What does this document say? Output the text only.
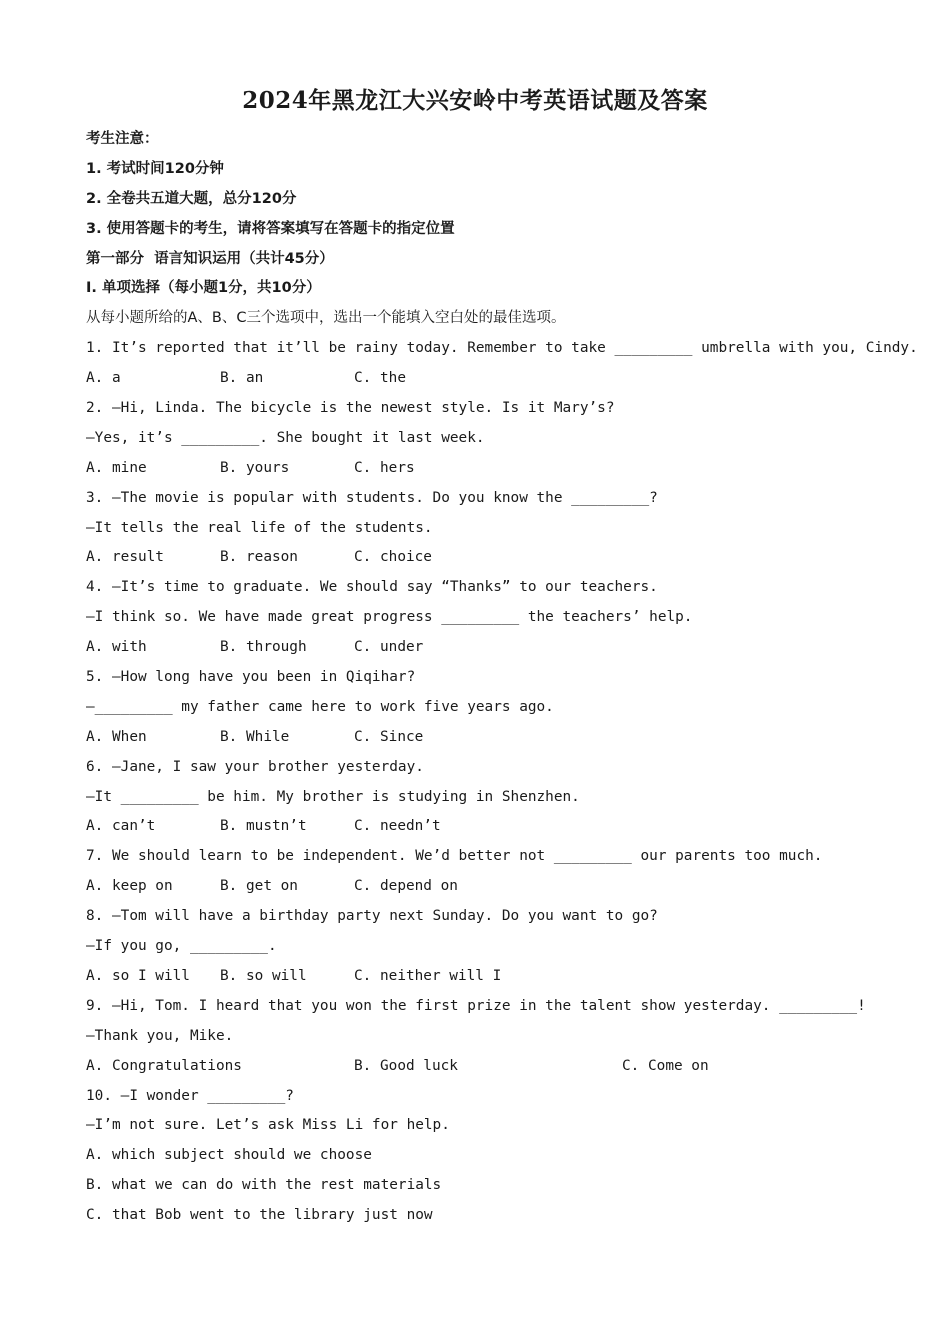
2024年黑龙江大兴安岭中考英语试题及答案
考生注意：
1. 考试时间120分钟
2. 全卷共五道大题，总分120分
3. 使用答题卡的考生，请将答案填写在答题卡的指定位置
第一部分  语言知识运用（共计45分）
I. 单项选择（每小题1分，共10分）
从每小题所给的A、B、C三个选项中，选出一个能填入空白处的最佳选项。
1. It’s reported that it’ll be rainy today. Remember to take _________ umbrella with you, Cindy.
A. a	B. an	C. the
2. —Hi, Linda. The bicycle is the newest style. Is it Mary’s?
—Yes, it’s _________. She bought it last week.
A. mine	B. yours	C. hers
3. —The movie is popular with students. Do you know the _________?
—It tells the real life of the students.
A. result	B. reason	C. choice
4. —It’s time to graduate. We should say “Thanks” to our teachers.
—I think so. We have made great progress _________ the teachers’ help.
A. with	B. through	C. under
5. —How long have you been in Qiqihar?
—_________ my father came here to work five years ago.
A. When	B. While	C. Since
6. —Jane, I saw your brother yesterday.
—It _________ be him. My brother is studying in Shenzhen.
A. can’t	B. mustn’t	C. needn’t
7. We should learn to be independent. We’d better not _________ our parents too much.
A. keep on	B. get on	C. depend on
8. —Tom will have a birthday party next Sunday. Do you want to go?
—If you go, _________.
A. so I will	B. so will	C. neither will I
9. —Hi, Tom. I heard that you won the first prize in the talent show yesterday. _________!
—Thank you, Mike.
A. Congratulations	B. Good luck	C. Come on
10. —I wonder _________?
—I’m not sure. Let’s ask Miss Li for help.
A. which subject should we choose
B. what we can do with the rest materials
C. that Bob went to the library just now
